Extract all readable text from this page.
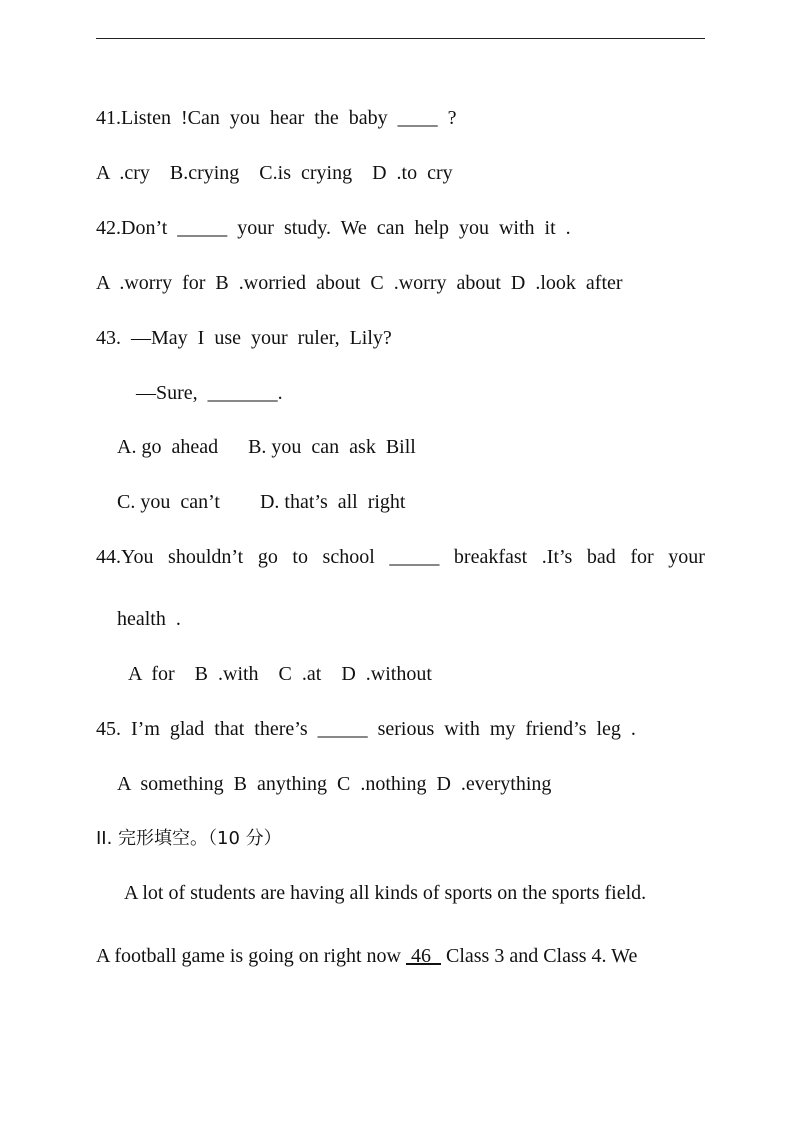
41.Listen  !Can  you  hear  the  baby  ____  ?
A  .cry    B.crying    C.is  crying    D  .to  cry
42.Don’t  _____  your  study.  We  can  help  you  with  it  .
A  .worry  for  B  .worried  about  C  .worry  about  D  .look  after
43.  —May  I  use  your  ruler,  Lily?
—Sure,  _______.
A. go  ahead      B. you  can  ask  Bill
C. you  can’t        D. that’s  all  right
44.You shouldn’t go to school _____ breakfast .It’s bad for your
health  .
A  for    B  .with    C  .at    D  .without
45.  I’m  glad  that  there’s  _____  serious  with  my  friend’s  leg  .
A  something  B  anything  C  .nothing  D  .everything
II. 完形填空。（10 分）
A lot of students are having all kinds of sports on the sports field.
A football game is going on right now  46   Class 3 and Class 4. We
